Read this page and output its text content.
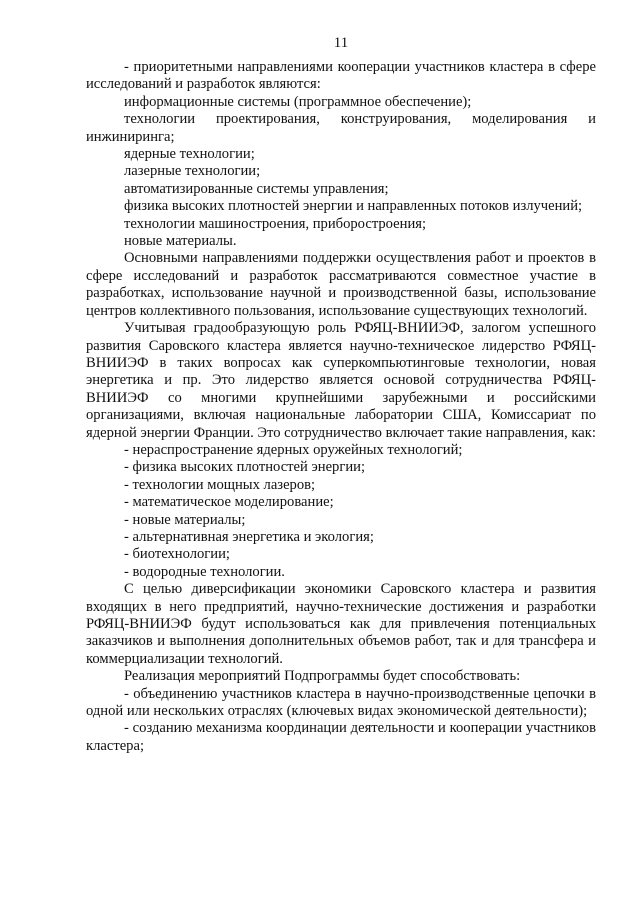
11

- приоритетными направлениями кооперации участников кластера в сфере исследований и разработок являются:

информационные системы (программное обеспечение);

технологии проектирования, конструирования, моделирования и инжиниринга;

ядерные технологии;

лазерные технологии;

автоматизированные системы управления;

физика высоких плотностей энергии и направленных потоков излучений;

технологии машиностроения, приборостроения;

новые материалы.

Основными направлениями поддержки осуществления работ и проектов в сфере исследований и разработок рассматриваются совместное участие в разработках, использование научной и производственной базы, использование центров коллективного пользования, использование существующих технологий.

Учитывая градообразующую роль РФЯЦ-ВНИИЭФ, залогом успешного развития Саровского кластера является научно-техническое лидерство РФЯЦ-ВНИИЭФ в таких вопросах как суперкомпьютинговые технологии, новая энергетика и пр. Это лидерство является основой сотрудничества РФЯЦ-ВНИИЭФ со многими крупнейшими зарубежными и российскими организациями, включая национальные лаборатории США, Комиссариат по ядерной энергии Франции. Это сотрудничество включает такие направления, как:

- нераспространение ядерных оружейных технологий;

- физика высоких плотностей энергии;

- технологии мощных лазеров;

- математическое моделирование;

- новые материалы;

- альтернативная энергетика и экология;

- биотехнологии;

- водородные технологии.

С целью диверсификации экономики Саровского кластера и развития входящих в него предприятий, научно-технические достижения и разработки РФЯЦ-ВНИИЭФ будут использоваться как для привлечения потенциальных заказчиков и выполнения дополнительных объемов работ, так и для трансфера и коммерциализации технологий.

Реализация мероприятий Подпрограммы будет способствовать:

- объединению участников кластера в научно-производственные цепочки в одной или нескольких отраслях (ключевых видах экономической деятельности);

- созданию механизма координации деятельности и кооперации участников кластера;
